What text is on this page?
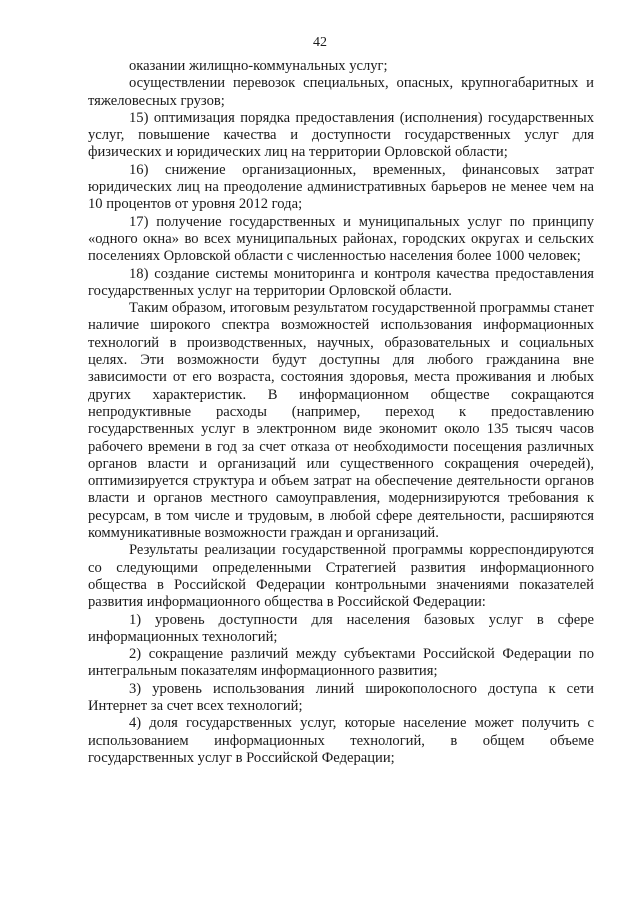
42

оказании жилищно-коммунальных услуг;

осуществлении перевозок специальных, опасных, крупногабаритных и тяжеловесных грузов;

15) оптимизация порядка предоставления (исполнения) государственных услуг, повышение качества и доступности государственных услуг для физических и юридических лиц на территории Орловской области;

16) снижение организационных, временных, финансовых затрат юридических лиц на преодоление административных барьеров не менее чем на 10 процентов от уровня 2012 года;

17) получение государственных и муниципальных услуг по принципу «одного окна» во всех муниципальных районах, городских округах и сельских поселениях Орловской области с численностью населения более 1000 человек;

18) создание системы мониторинга и контроля качества предоставления государственных услуг на территории Орловской области.

Таким образом, итоговым результатом государственной программы станет наличие широкого спектра возможностей использования информационных технологий в производственных, научных, образовательных и социальных целях. Эти возможности будут доступны для любого гражданина вне зависимости от его возраста, состояния здоровья, места проживания и любых других характеристик. В информационном обществе сокращаются непродуктивные расходы (например, переход к предоставлению государственных услуг в электронном виде экономит около 135 тысяч часов рабочего времени в год за счет отказа от необходимости посещения различных органов власти и организаций или существенного сокращения очередей), оптимизируется структура и объем затрат на обеспечение деятельности органов власти и органов местного самоуправления, модернизируются требования к ресурсам, в том числе и трудовым, в любой сфере деятельности, расширяются коммуникативные возможности граждан и организаций.

Результаты реализации государственной программы корреспондируются со следующими определенными Стратегией развития информационного общества в Российской Федерации контрольными значениями показателей развития информационного общества в Российской Федерации:

1) уровень доступности для населения базовых услуг в сфере информационных технологий;

2) сокращение различий между субъектами Российской Федерации по интегральным показателям информационного развития;

3) уровень использования линий широкополосного доступа к сети Интернет за счет всех технологий;

4) доля государственных услуг, которые население может получить с использованием информационных технологий, в общем объеме государственных услуг в Российской Федерации;
